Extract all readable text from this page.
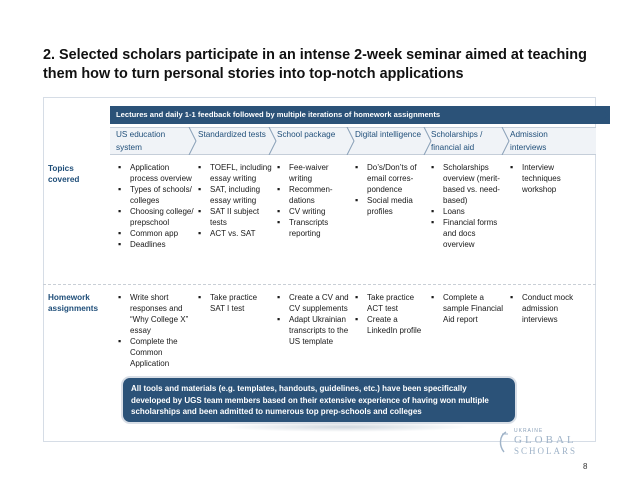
2. Selected scholars participate in an intense 2-week seminar aimed at teaching them how to turn personal stories into top-notch applications
Lectures and daily 1-1 feedback followed by multiple iterations of homework assignments
US education system
Standardized tests School package	Digital intelligence Scholarships / financial aid
Admission interviews
Topics covered
Homework assignments
▪ Application process overview
▪ Types of schools/ colleges
▪ Choosing college/ prepschool
▪ Common app
▪ Deadlines
▪ TOEFL, including essay writing
▪ SAT, including essay writing
▪ SAT II subject tests
▪ ACT vs. SAT
▪ Fee-waiver writing
▪ Recommen- dations
▪ CV writing
▪ Transcripts reporting
▪ Do’s/Don’ts of email corres- pondence
▪ Social media profiles
▪ Scholarships overview (merit-based vs. need- based)
▪ Loans
▪ Financial forms and docs overview
▪ Interview techniques workshop
▪ Write short responses and “Why College X” essay
▪ Complete the Common Application
▪ Take practice SAT I test
▪ Create a CV and CV supplements
▪ Adapt Ukrainian transcripts to the US template
▪ Take practice ACT test
▪ Create a LinkedIn profile
▪ Complete a sample Financial Aid report
▪ Conduct mock admission interviews
All tools and materials (e.g. templates, handouts, guidelines, etc.) have been specifically developed by UGS team members based on their extensive experience of having won multiple scholarships and been admitted to numerous top prep-schools and colleges
UKRAINE
GLOBAL
SCHOLARS
8
